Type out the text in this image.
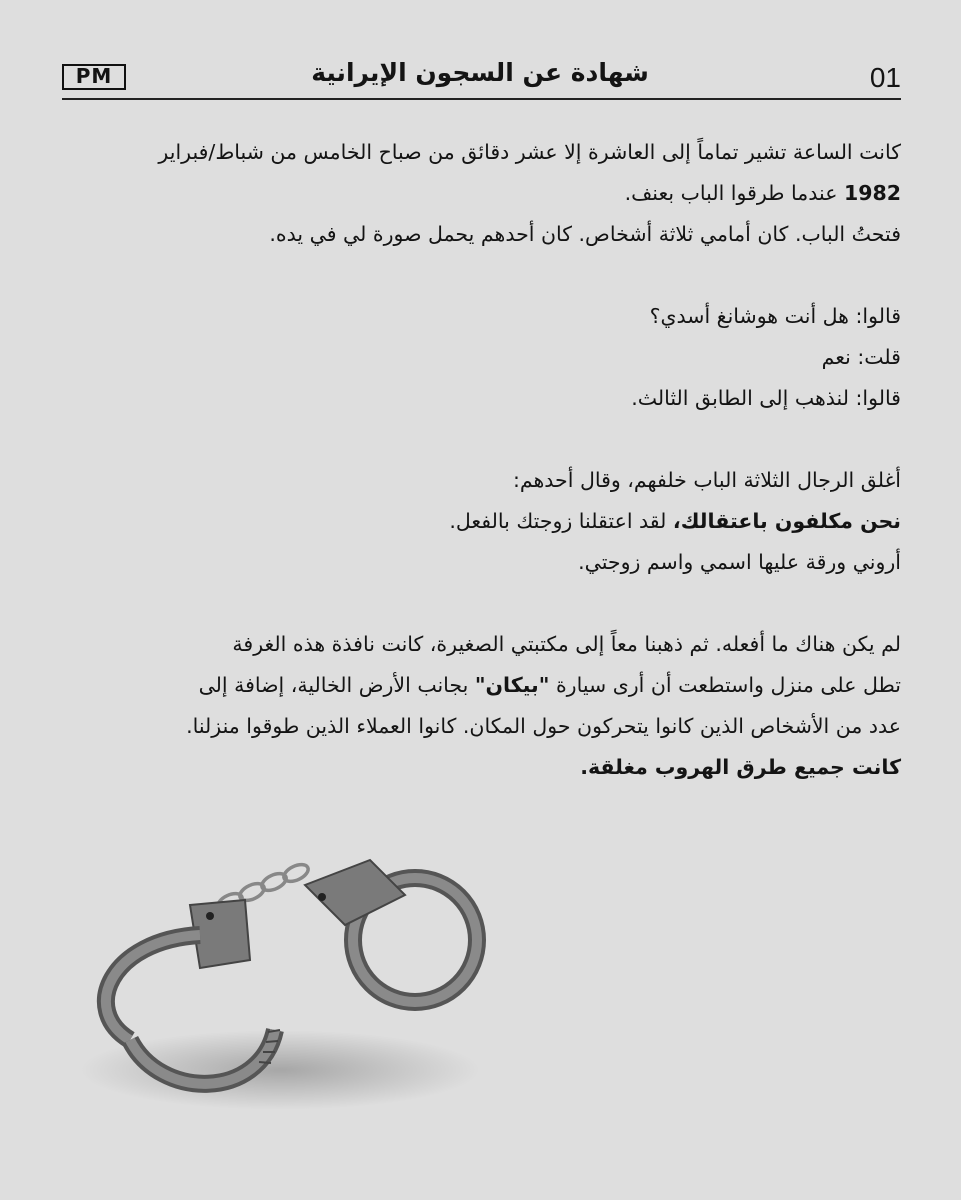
PM	شهادة عن السجون الإيرانية	01

كانت الساعة تشير تماماً إلى العاشرة إلا عشر دقائق من صباح الخامس من شباط/فبراير

1982 عندما طرقوا الباب بعنف.

فتحتُ الباب. كان أمامي ثلاثة أشخاص. كان أحدهم يحمل صورة لي في يده.

قالوا: هل أنت هوشانغ أسدي؟

قلت: نعم

قالوا: لنذهب إلى الطابق الثالث.

أغلق الرجال الثلاثة الباب خلفهم، وقال أحدهم:

نحن مكلفون باعتقالك، لقد اعتقلنا زوجتك بالفعل.

أروني ورقة عليها اسمي واسم زوجتي.

لم يكن هناك ما أفعله. ثم ذهبنا معاً إلى مكتبتي الصغيرة، كانت نافذة هذه الغرفة

تطل على منزل واستطعت أن أرى سيارة "بيكان" بجانب الأرض الخالية، إضافة إلى

عدد من الأشخاص الذين كانوا يتحركون حول المكان. كانوا العملاء الذين طوقوا منزلنا.

كانت جميع طرق الهروب مغلقة.
